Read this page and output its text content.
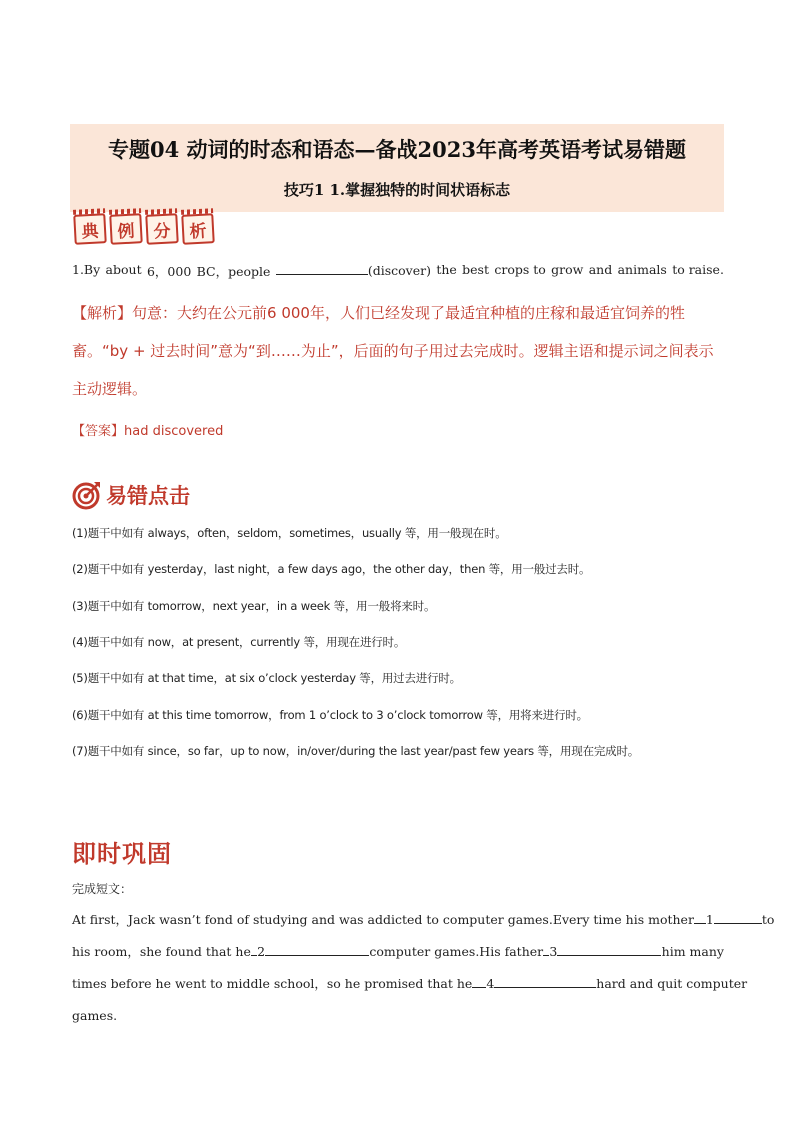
专题04 动词的时态和语态—备战2023年高考英语考试易错题
技巧1 1.掌握独特的时间状语标志
典	例	分	析
1.By about 6，000 BC，people	(discover) the best crops to grow and animals to raise.
【解析】句意：大约在公元前6 000年，人们已经发现了最适宜种植的庄稼和最适宜饲养的牲畜。“by + 过去时间”意为“到……为止”，后面的句子用过去完成时。逻辑主语和提示词之间表示主动逻辑。
【答案】had discovered
易错点击
(1)题干中如有 always，often，seldom，sometimes，usually 等，用一般现在时。
(2)题干中如有 yesterday，last night，a few days ago，the other day，then 等，用一般过去时。
(3)题干中如有 tomorrow，next year，in a week 等，用一般将来时。
(4)题干中如有 now，at present，currently 等，用现在进行时。
(5)题干中如有 at that time，at six o’clock yesterday 等，用过去进行时。
(6)题干中如有 at this time tomorrow，from 1 o’clock to 3 o’clock tomorrow 等，用将来进行时。
(7)题干中如有 since，so far，up to now，in/over/during the last year/past few years 等，用现在完成时。
即时巩固
完成短文：
At first，Jack wasn’t fond of studying and was addicted to computer games.Every time his mother 1	to
his room，she found that he 2	computer games.His father 3	him many
times before he went to middle school，so he promised that he	4	hard and quit computer
games.
